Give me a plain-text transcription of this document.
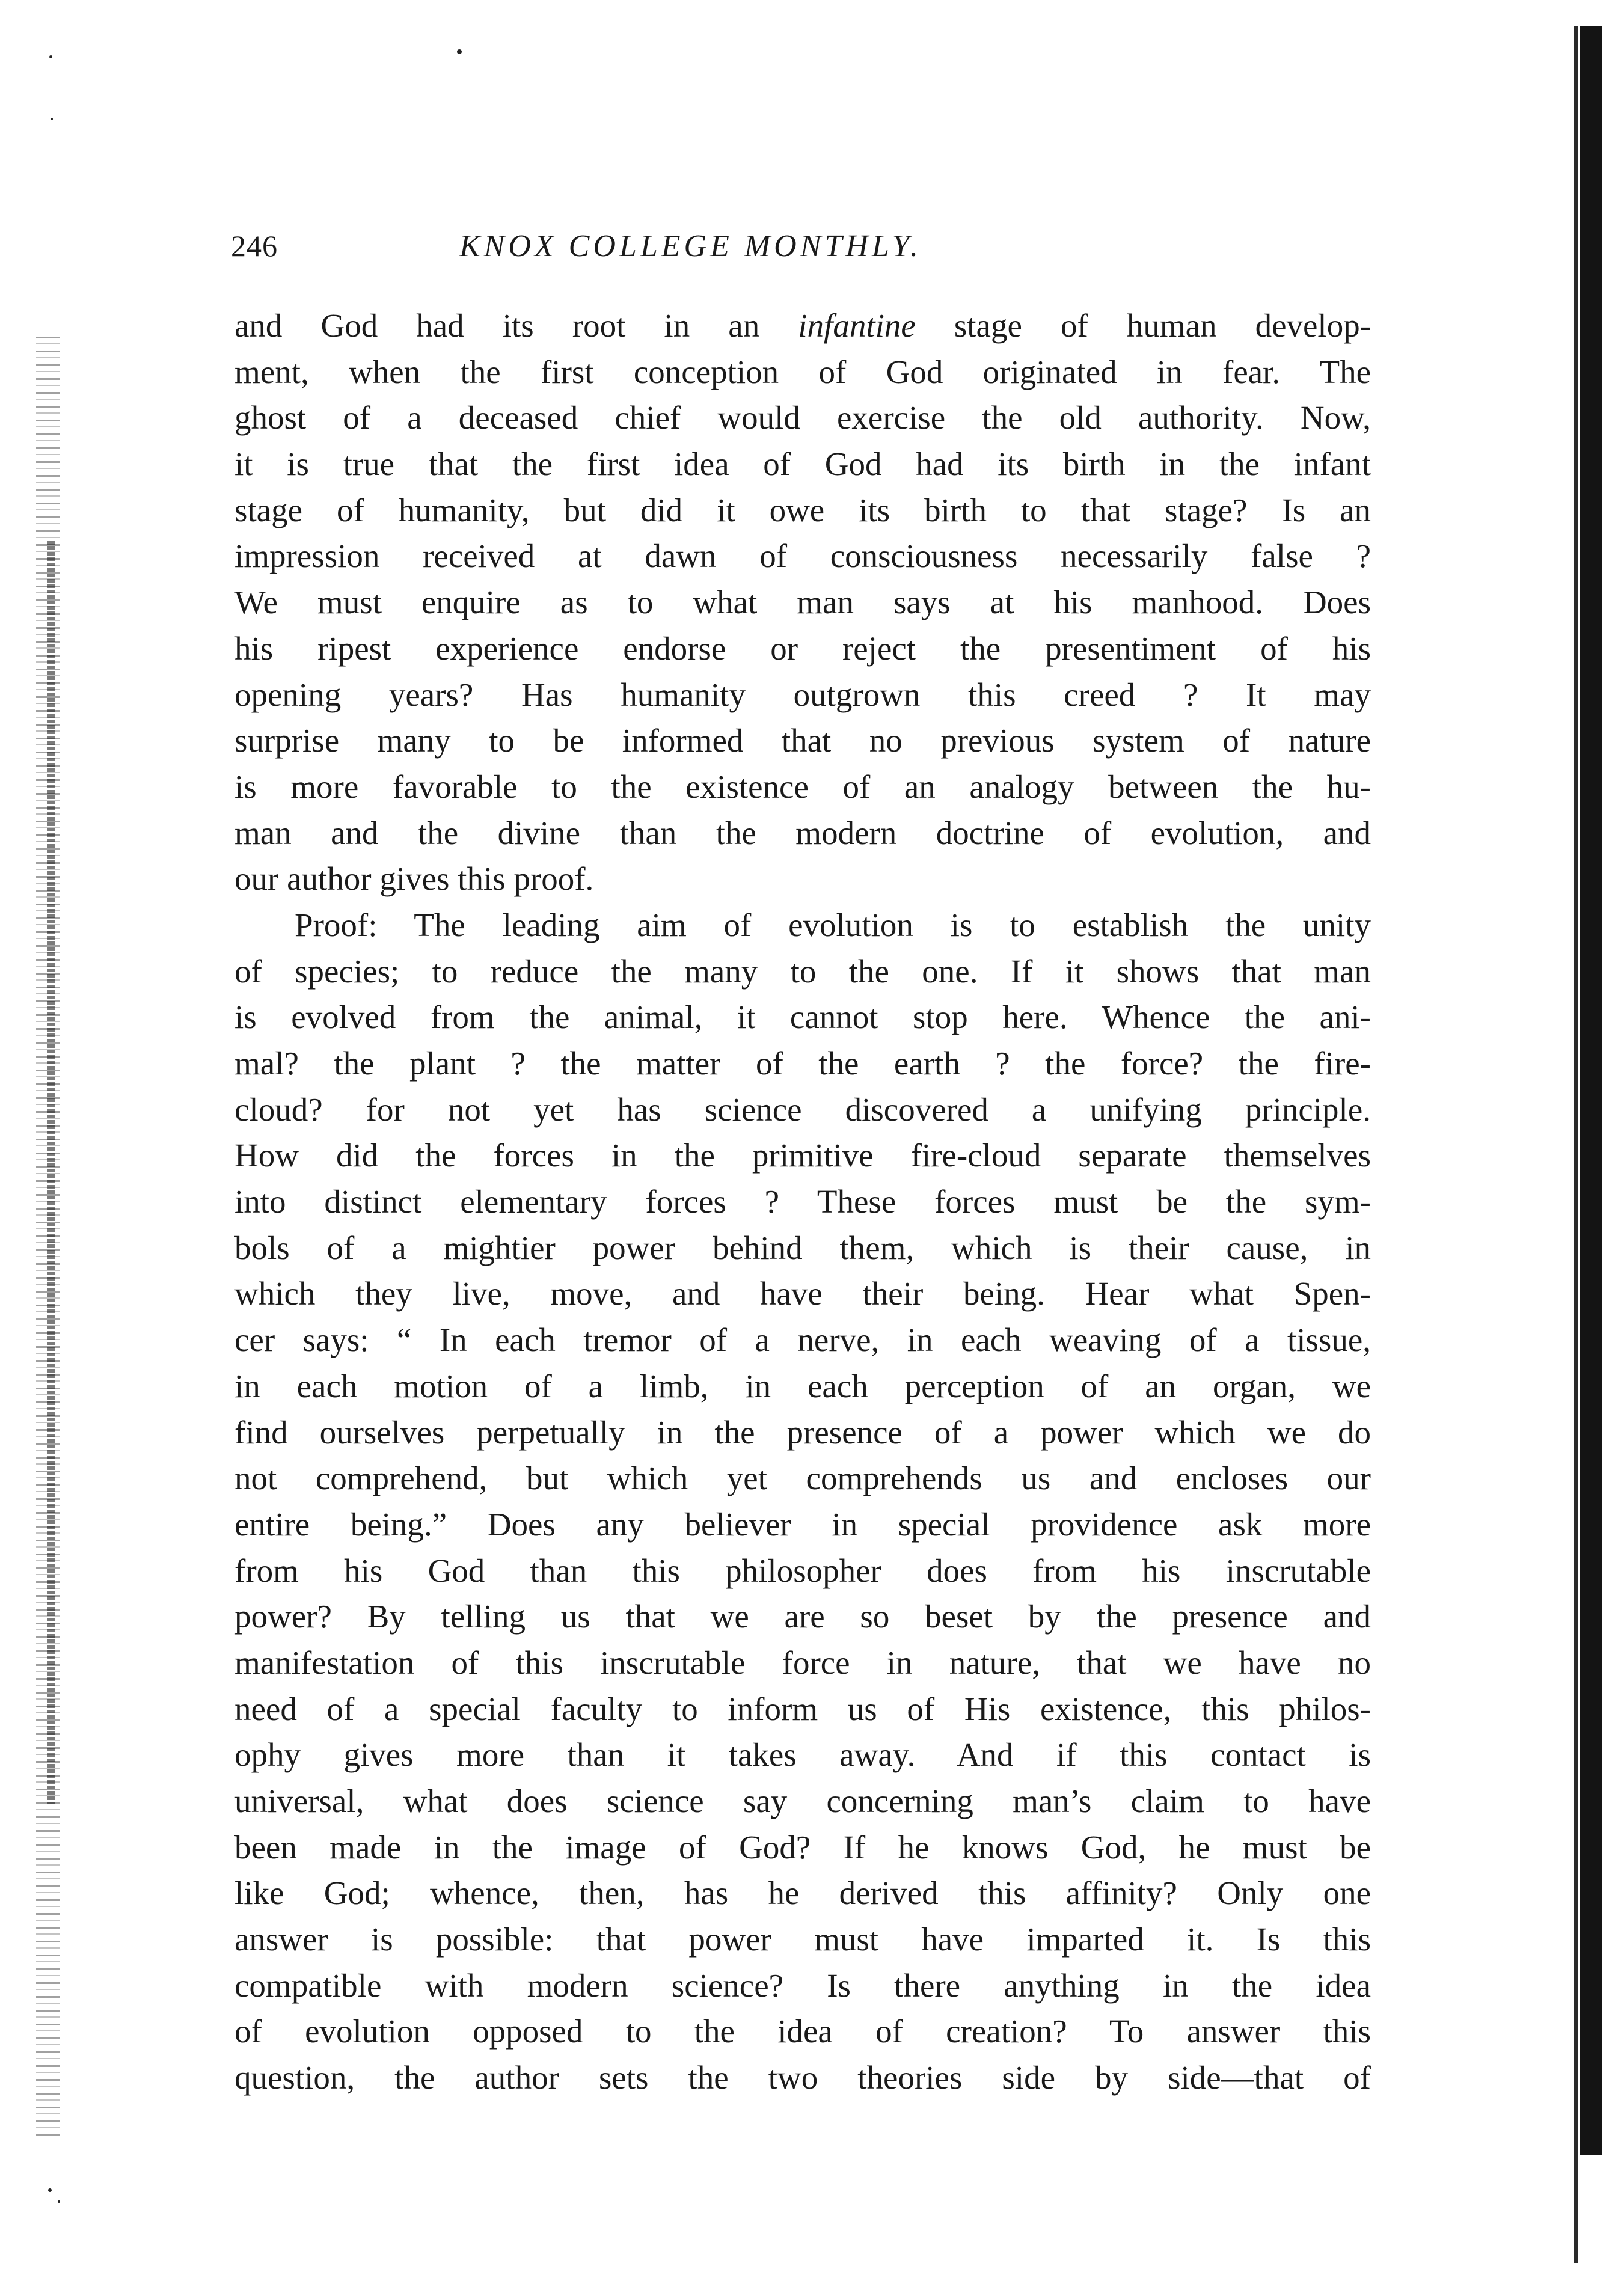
246	KNOX COLLEGE MONTHLY.
and God had its root in an infantine stage of human develop-
ment, when the first conception of God originated in fear. The
ghost of a deceased chief would exercise the old authority. Now,
it is true that the first idea of God had its birth in the infant
stage of humanity, but did it owe its birth to that stage? Is an
impression received at dawn of consciousness necessarily false ?
We must enquire as to what man says at his manhood. Does
his ripest experience endorse or reject the presentiment of his
opening years? Has humanity outgrown this creed ? It may
surprise many to be informed that no previous system of nature
is more favorable to the existence of an analogy between the hu-
man and the divine than the modern doctrine of evolution, and
our author gives this proof.
Proof: The leading aim of evolution is to establish the unity
of species; to reduce the many to the one. If it shows that man
is evolved from the animal, it cannot stop here. Whence the ani-
mal? the plant ? the matter of the earth ? the force? the fire-
cloud? for not yet has science discovered a unifying principle.
How did the forces in the primitive fire-cloud separate themselves
into distinct elementary forces ? These forces must be the sym-
bols of a mightier power behind them, which is their cause, in
which they live, move, and have their being. Hear what Spen-
cer says: “ In each tremor of a nerve, in each weaving of a tissue,
in each motion of a limb, in each perception of an organ, we
find ourselves perpetually in the presence of a power which we do
not comprehend, but which yet comprehends us and encloses our
entire being.” Does any believer in special providence ask more
from his God than this philosopher does from his inscrutable
power? By telling us that we are so beset by the presence and
manifestation of this inscrutable force in nature, that we have no
need of a special faculty to inform us of His existence, this philos-
ophy gives more than it takes away. And if this contact is
universal, what does science say concerning man’s claim to have
been made in the image of God? If he knows God, he must be
like God; whence, then, has he derived this affinity? Only one
answer is possible: that power must have imparted it. Is this
compatible with modern science? Is there anything in the idea
of evolution opposed to the idea of creation? To answer this
question, the author sets the two theories side by side—that of
